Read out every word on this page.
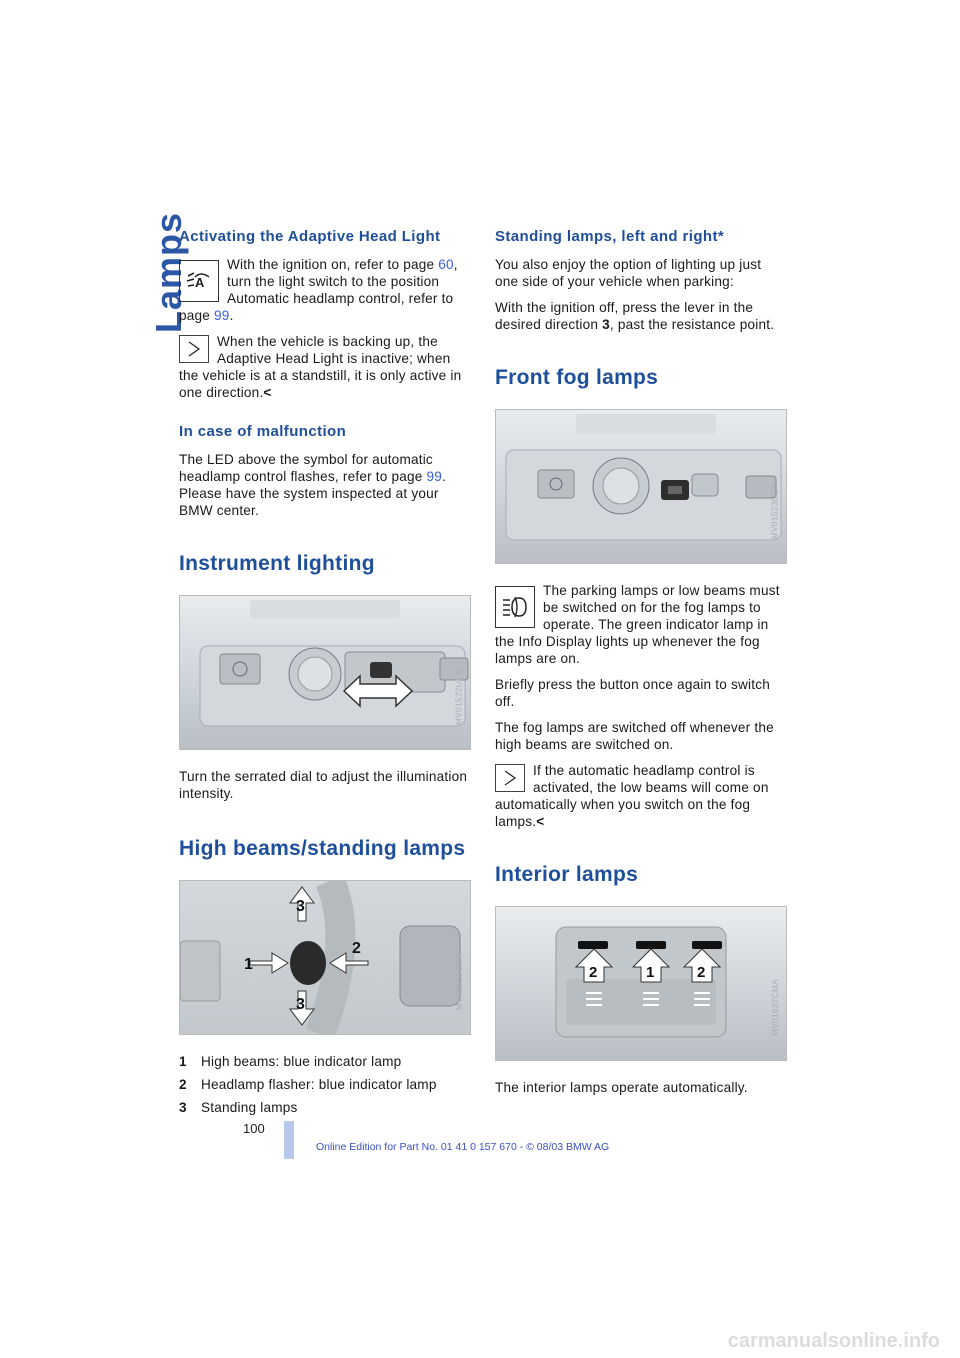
Lamps
Activating the Adaptive Head Light

A
With the ignition on, refer to page 60, turn the light switch to the position Automatic headlamp control, refer to page 99.

When the vehicle is backing up, the Adaptive Head Light is inactive; when the vehicle is at a standstill, it is only active in one direction.<

In case of malfunction

The LED above the symbol for automatic headlamp control flashes, refer to page 99. Please have the system inspected at your BMW center.

Instrument lighting
MV01522UEA

Turn the serrated dial to adjust the illumination intensity.

High beams/standing lamps
1
2
3
3	MV02150CMA
1	High beams: blue indicator lamp
2	Headlamp flasher: blue indicator lamp
3	Standing lamps
Standing lamps, left and right*

You also enjoy the option of lighting up just one side of your vehicle when parking:

With the ignition off, press the lever in the desired direction 3, past the resistance point.

Front fog lamps
MV01523UEA

The parking lamps or low beams must be switched on for the fog lamps to operate. The green indicator lamp in the Info Display lights up whenever the fog lamps are on.

Briefly press the button once again to switch off.

The fog lamps are switched off whenever the high beams are switched on.

If the automatic headlamp control is activated, the low beams will come on automatically when you switch on the fog lamps.<

Interior lamps
2	1	2
MV01627CMA

The interior lamps operate automatically.

100
Online Edition for Part No. 01 41 0 157 670 - © 08/03 BMW AG
carmanualsonline.info
